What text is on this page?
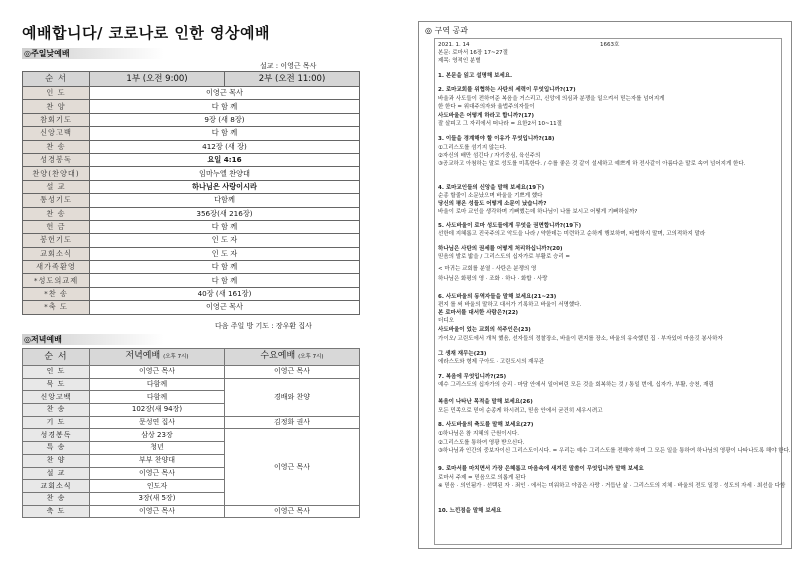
예배합니다/ 코로나로 인한 영상예배
◎주일낮예배
설교 : 이영근 목사
순 서	1부 (오전 9:00)	2부 (오전 11:00)
인 도	이영근 목사	
찬 양	다 함 께	
참회기도	9장 (새 8장)	
신앙고백	다 함 께	
찬 송	412장 (새 장)	
성경봉독	요일 4:16	
찬양(찬양대)	임마누엘 찬양대	
설 교	하나님은 사랑이시라	
통성기도	다함께	
찬 송	356장(새 216장)	
헌 금	다 함 께	
봉헌기도	인 도 자	
교회소식	인 도 자	
새가족환영	다 함 께	
*성도의교제	다 함 께	
*찬 송	40장 (새 161장)	
*축 도	이영근 목사	
다음 주일 방 기도 : 장우환 집사
◎저녁예배
순 서	저녁예배 (오후 7시)	수요예배 (오후 7시)
인 도	이영근 목사	이영근 목사
묵 도	다함께	경배와 찬양
신앙고백	다함께	
찬 송	102장(새 94장)	
기 도	문성연 집사	김정화 권사
성경봉독	삼상 23장	이영근 목사
특 송	청년	
찬 양	부부 찬양대	
설 교	이영근 목사	
교회소식	인도자	
찬 송	3장(새 5장)	
축 도	이영근 목사	이영근 목사
◎ 구역 공과
2021. 1. 14	1663호
본문: 로마서 16장 17~27절
제목: 영적인 분별
1. 본문을 읽고 설명해 보세요.
2. 로마교회를 위협하는 사탄의 세력이 무엇입니까?(17)
바울과 사도들이 전하여준 복음을 거스리고, 신앙에 의심과 분쟁을 일으켜서 믿는자를 넘어지게
한 한다 = 위대주의자와 율법주의자들이
사도바울은 어떻게 하라고 합니까?(17)
잘 살피고 그 자리에서 떠나라 = 요한2서 10~11절
3. 이들을 경계해야 할 이유가 무엇입니까?(18)
①그리스도를 섬기지 않는다.
②자신의 배만 섬긴다 / 자기중심, 육신주의
③공교하고 아첨하는 말로 성도를 미혹한다. / 수를 좋은 것 같이 설세하고 예쁘게 하 전사같이 아름다운 말로 속여 넘어지게 한다.
4. 로마교인들의 신앙을 말해 보세요(19下)
순종 할줄이 소문났으며 바울을 기쁘게 했다
당신의 평온 성들도 어떻게 소문이 났습니까?
바울이 로마 교인을 생각하며 기뻐했는데 하나님이 나를 보시고 어떻게 기뻐하실까?
5. 사도바울이 로마 성도들에게 무엇을 권면합니까?(19下)
선한데 지혜롭고 진국주의고 악도을 나라 / 약한데는 미련하고 순하게 행보하며, 타협하지 말며, 고의적하지 말라
하나님은 사탄의 권세를 어떻게 처리하십니까?(20)
믿음의 발로 밟을 / 그리스도의 십자가로 부활로 승리 =
< 마귀는 교회를 분열 · 사탄은 분쟁의 영
하나님은 화평의 영 · 조화 · 하나 · 화합 · 사랑
6. 사도바울의 동역자들을 말해 보세요(21~23)
편지 를 써 바울의 말하고 대서가 기록하고 바울이 서명했다.
본 로마서를 대서한 사람은?(22)
더디오
사도바울이 었는 교회의 석주인은(23)
가이오/ 고린도에서 개척 했음, 선자들의 정찰장소, 바울이 편지를 장소, 바울의 유숙했던 집 · 부자있어 마음깃 봉사하자
그 생재 재무는(23)
에라스도와 형제 구아도 · 고린도시의 재무관
7. 복음에 무엇입니까?(25)
예수 그리스도의 십자가의 승리 · 마담 안에서 일어버린 모든 것을 회복하는 것 / 통일 번에, 십자가, 부활, 승천, 재림
복음이 나타난 목적을 말해 보세요(26)
모든 민족으로 믿어 순종케 하시려고, 믿음 안에서 굳건히 세우시려고
8. 사도바울의 축도를 말해 보세요(27)
①하나님은 참 지혜의 근원이시다.
②그리스도를 통하여 영광 받으신다.
③하나님과 인간의 중보자이신 그리스도이시다. = 우리는 예수 그리스도를 전해야 하며 그 모든 일을 통하여 하나님의 영광이 나타나도록 해야 한다.
9. 로마서를 마치면서 가장 은혜롭고 마음속에 새겨진 말씀이 무엇입니까 말해 보세요
로마서 주제 = 믿음으로 의롭게 된다
※ 믿음 · 의인됨가 · 선택된 자 · 죄인 · 에서는 미워하고 야곱은 사랑 · 거듭난 삶 · 그리스도의 지체 · 바울의 전도 일정 · 성도의 자세 · 최선을 다함
10. 느낀점을 말해 보세요
